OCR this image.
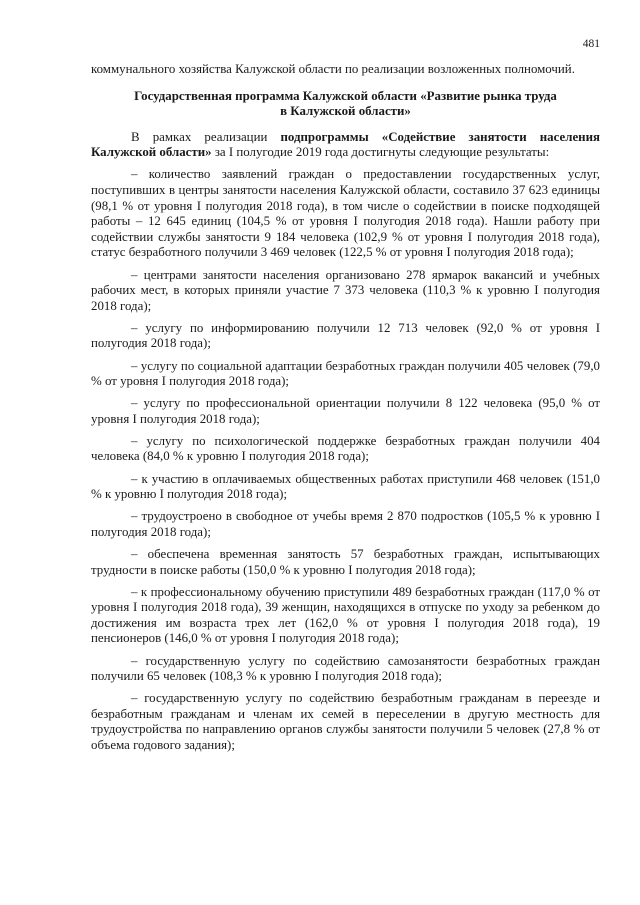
481

коммунального хозяйства Калужской области по реализации возложенных полномочий.

Государственная программа Калужской области «Развитие рынка труда
в Калужской области»

В рамках реализации подпрограммы «Содействие занятости населения Калужской области» за I полугодие 2019 года достигнуты следующие результаты:

– количество заявлений граждан о предоставлении государственных услуг, поступивших в центры занятости населения Калужской области, составило 37 623 единицы (98,1 % от уровня I полугодия 2018 года), в том числе о содействии в поиске подходящей работы – 12 645 единиц (104,5 % от уровня I полугодия 2018 года). Нашли работу при содействии службы занятости 9 184 человека (102,9 % от уровня I полугодия 2018 года), статус безработного получили 3 469 человек (122,5 % от уровня I полугодия 2018 года);

– центрами занятости населения организовано 278 ярмарок вакансий и учебных рабочих мест, в которых приняли участие 7 373 человека (110,3 % к уровню I полугодия 2018 года);

– услугу по информированию получили 12 713 человек (92,0 % от уровня I полугодия 2018 года);

– услугу по социальной адаптации безработных граждан получили 405 человек (79,0 % от уровня I полугодия 2018 года);

– услугу по профессиональной ориентации получили 8 122 человека (95,0 % от уровня I полугодия 2018 года);

– услугу по психологической поддержке безработных граждан получили 404 человека (84,0 % к уровню I полугодия 2018 года);

– к участию в оплачиваемых общественных работах приступили 468 человек (151,0 % к уровню I полугодия 2018 года);

– трудоустроено в свободное от учебы время 2 870 подростков (105,5 % к уровню I полугодия 2018 года);

– обеспечена временная занятость 57 безработных граждан, испытывающих трудности в поиске работы (150,0 % к уровню I полугодия 2018 года);

– к профессиональному обучению приступили 489 безработных граждан (117,0 % от уровня I полугодия 2018 года), 39 женщин, находящихся в отпуске по уходу за ребенком до достижения им возраста трех лет (162,0 % от уровня I полугодия 2018 года), 19 пенсионеров (146,0 % от уровня I полугодия 2018 года);

– государственную услугу по содействию самозанятости безработных граждан получили 65 человек (108,3 % к уровню I полугодия 2018 года);

– государственную услугу по содействию безработным гражданам в переезде и безработным гражданам и членам их семей в переселении в другую местность для трудоустройства по направлению органов службы занятости получили 5 человек (27,8 % от объема годового задания);
